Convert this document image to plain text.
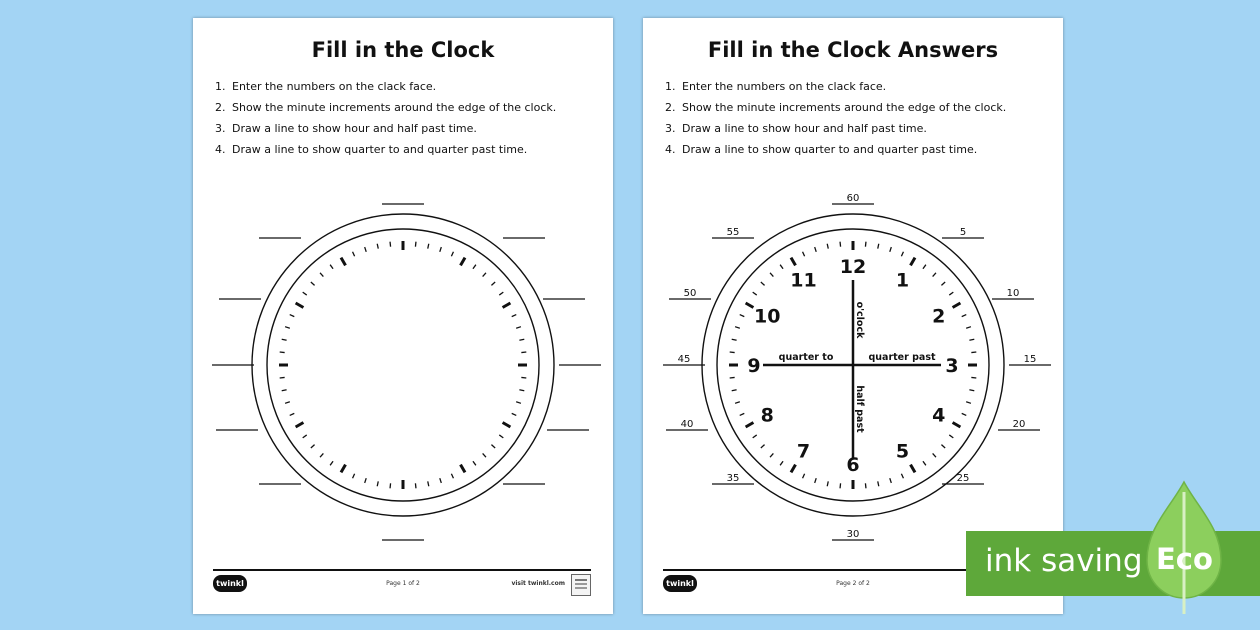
Fill in the Clock
1. Enter the numbers on the clack face.
2. Show the minute increments around the edge of the clock.
3. Draw a line to show hour and half past time.
4. Draw a line to show quarter to and quarter past time.
twinkl	Page 1 of 2	visit twinkl.com
Fill in the Clock Answers
1. Enter the numbers on the clack face.
2. Show the minute increments around the edge of the clock.
3. Draw a line to show hour and half past time.
4. Draw a line to show quarter to and quarter past time.
12
1
2
3
4
5
6
7
8
9
10
11
60
5
10
15
20
25
30
35
40
45
50
55
quarter to	quarter past
o'clock
half past
twinkl	Page 2 of 2
ink saving Eco
